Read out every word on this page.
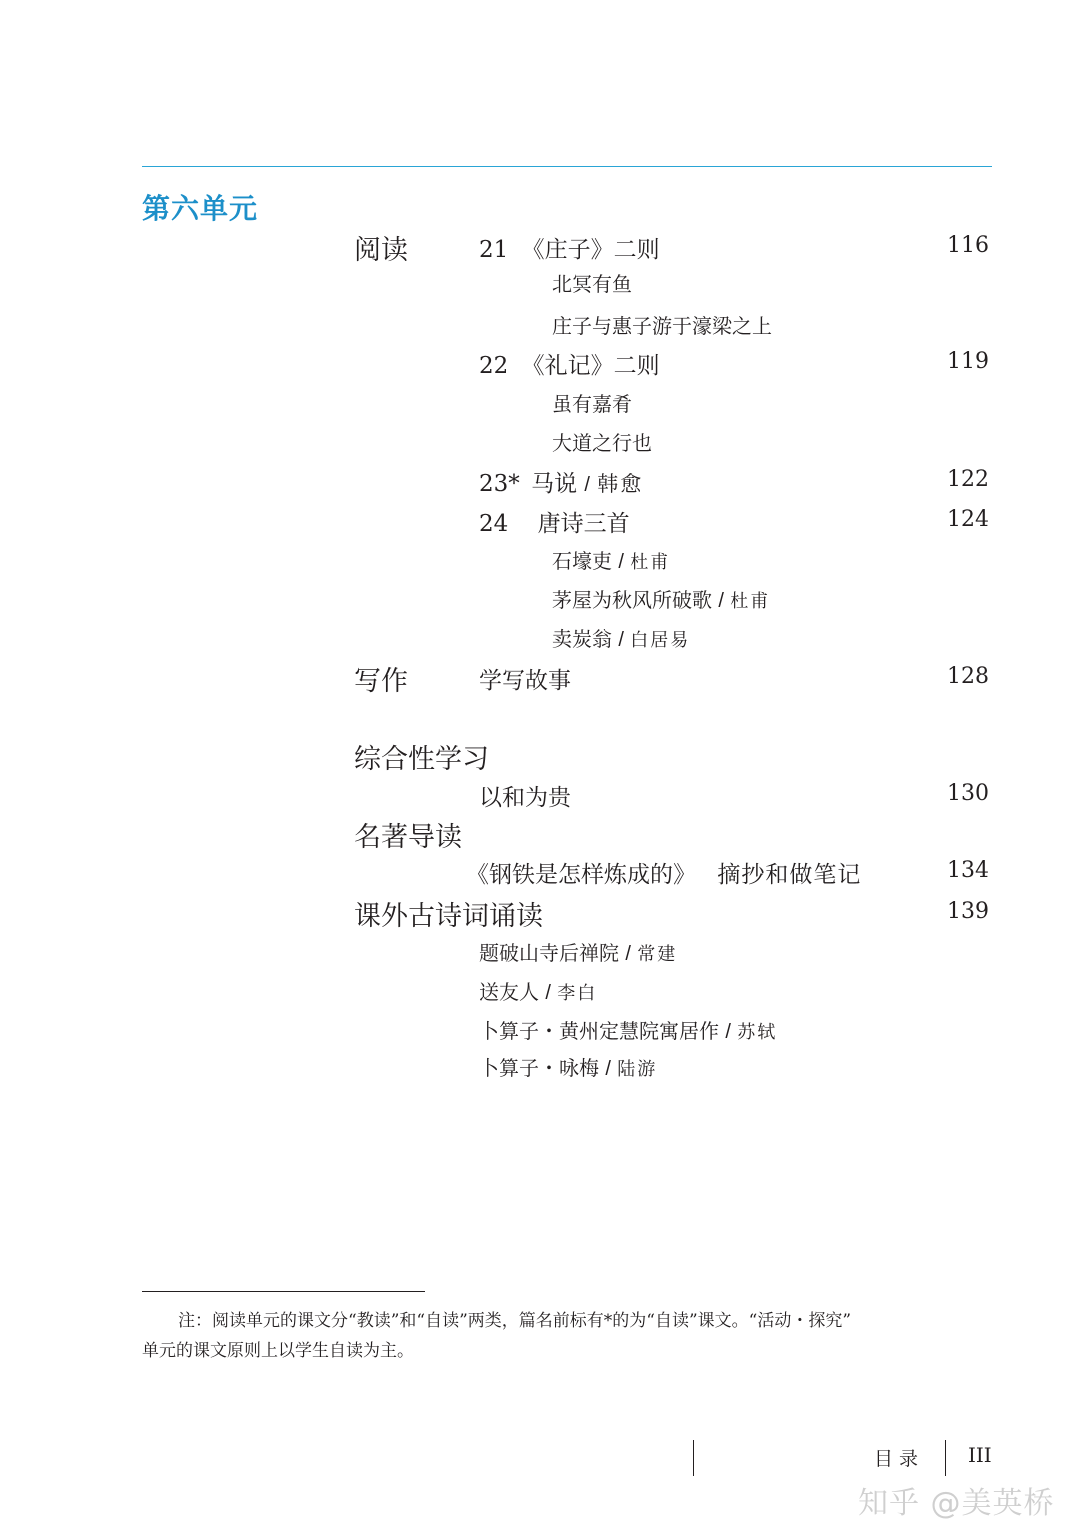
第六单元
阅读	21 《庄子》二则	116
北冥有鱼
庄子与惠子游于濠梁之上
22 《礼记》二则	119
虽有嘉肴
大道之行也
23* 马说 / 韩愈	122
24 唐诗三首	124
石壕吏 / 杜甫
茅屋为秋风所破歌 / 杜甫
卖炭翁 / 白居易
写作	学写故事	128
综合性学习
以和为贵	130
名著导读
《钢铁是怎样炼成的》 摘抄和做笔记	134
课外古诗词诵读	139
题破山寺后禅院 / 常建
送友人 / 李白
卜算子・黄州定慧院寓居作 / 苏轼
卜算子・咏梅 / 陆游
注：阅读单元的课文分“教读”和“自读”两类，篇名前标有*的为“自读”课文。“活动・探究”
单元的课文原则上以学生自读为主。
目录 III
知乎 @美英桥
